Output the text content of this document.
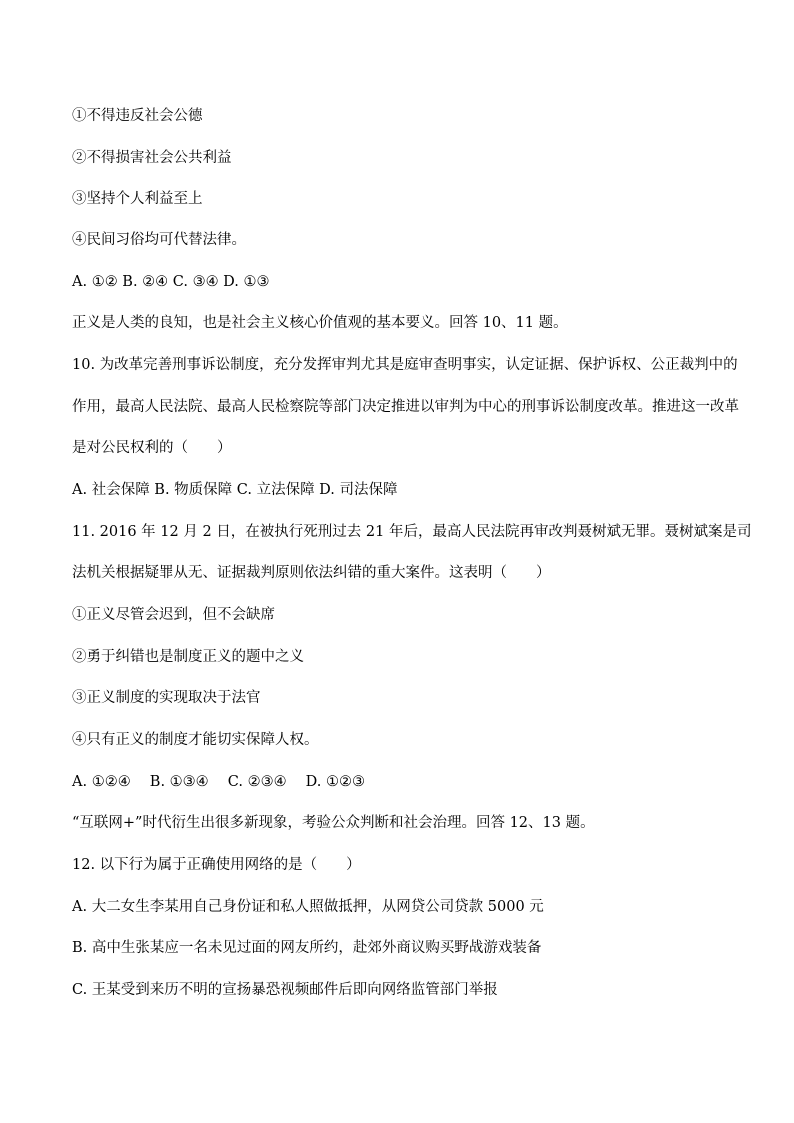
①不得违反社会公德
②不得损害社会公共利益
③坚持个人利益至上
④民间习俗均可代替法律。
A. ①② B. ②④ C. ③④ D. ①③
正义是人类的良知，也是社会主义核心价值观的基本要义。回答 10、11 题。
10. 为改革完善刑事诉讼制度，充分发挥审判尤其是庭审查明事实，认定证据、保护诉权、公正裁判中的
作用，最高人民法院、最高人民检察院等部门决定推进以审判为中心的刑事诉讼制度改革。推进这一改革
是对公民权利的（　　）
A. 社会保障 B. 物质保障 C. 立法保障 D. 司法保障
11. 2016 年 12 月 2 日，在被执行死刑过去 21 年后，最高人民法院再审改判聂树斌无罪。聂树斌案是司
法机关根据疑罪从无、证据裁判原则依法纠错的重大案件。这表明（　　）
①正义尽管会迟到，但不会缺席
②勇于纠错也是制度正义的题中之义
③正义制度的实现取决于法官
④只有正义的制度才能切实保障人权。
A. ①②④　 B. ①③④　 C. ②③④　 D. ①②③
“互联网+”时代衍生出很多新现象，考验公众判断和社会治理。回答 12、13 题。
12. 以下行为属于正确使用网络的是（　　）
A. 大二女生李某用自己身份证和私人照做抵押，从网贷公司贷款 5000 元
B. 高中生张某应一名未见过面的网友所约，赴郊外商议购买野战游戏装备
C. 王某受到来历不明的宣扬暴恐视频邮件后即向网络监管部门举报
